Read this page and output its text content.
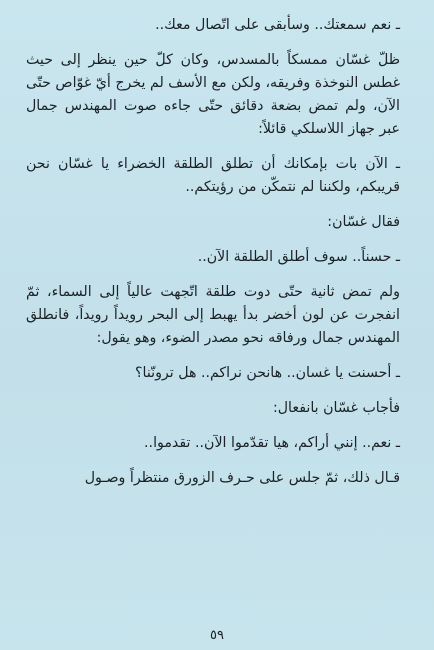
ـ نعم سمعتك.. وسأبقى على اتّصال معك..

ظلّ غسّان ممسكاً بالمسدس، وكان كلّ حين ينظر إلى حيث غطس النوخذة وفريقه، ولكن مع الأسف لم يخرج أيّ غوّاص حتّى الآن، ولم تمض بضعة دقائق حتّى جاءه صوت المهندس جمال عبر جهاز اللاسلكي قائلاً:

ـ الآن بات بإمكانك أن تطلق الطلقة الخضراء يا غسّان نحن قريبكم، ولكننا لم نتمكّن من رؤيتكم..

فقال غسّان:

ـ حسناً.. سوف أطلق الطلقة الآن..

ولم تمض ثانية حتّى دوت طلقة اتّجهت عالياً إلى السماء، ثمّ انفجرت عن لون أخضر بدأ يهبط إلى البحر رويداً رويداً، فانطلق المهندس جمال ورفاقه نحو مصدر الضوء، وهو يقول:

ـ أحسنت يا غسان.. هانحن نراكم.. هل ترونّنا؟

فأجاب غسّان بانفعال:

ـ نعم.. إنني أراكم، هيا تقدّموا الآن.. تقدموا..

قـال ذلك، ثمّ جلس على حـرف الزورق منتظراً وصـول

٥٩
